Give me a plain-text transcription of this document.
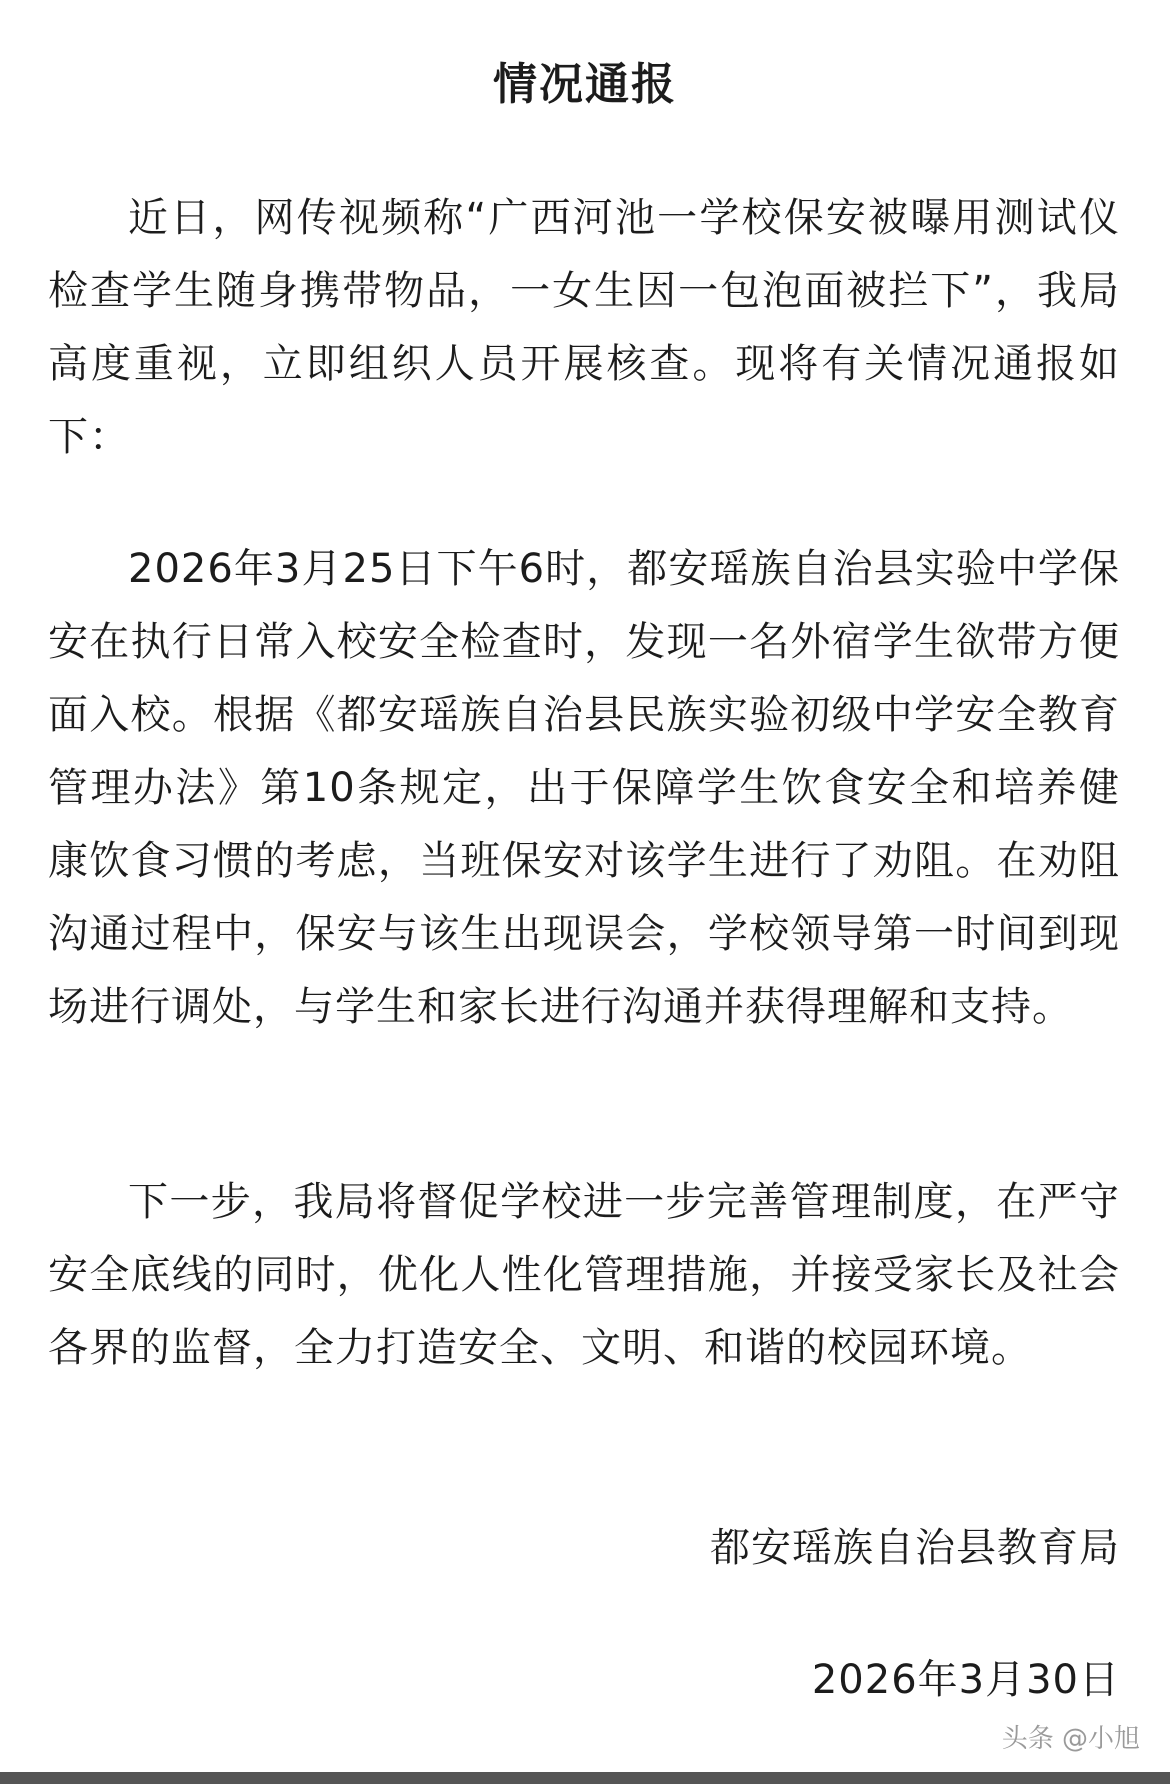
情况通报

近日，网传视频称“广西河池一学校保安被曝用测试仪检查学生随身携带物品，一女生因一包泡面被拦下”，我局高度重视，立即组织人员开展核查。现将有关情况通报如下：

2026年3月25日下午6时，都安瑶族自治县实验中学保安在执行日常入校安全检查时，发现一名外宿学生欲带方便面入校。根据《都安瑶族自治县民族实验初级中学安全教育管理办法》第10条规定，出于保障学生饮食安全和培养健康饮食习惯的考虑，当班保安对该学生进行了劝阻。在劝阻沟通过程中，保安与该生出现误会，学校领导第一时间到现场进行调处，与学生和家长进行沟通并获得理解和支持。

下一步，我局将督促学校进一步完善管理制度，在严守安全底线的同时，优化人性化管理措施，并接受家长及社会各界的监督，全力打造安全、文明、和谐的校园环境。

都安瑶族自治县教育局
2026年3月30日
头条 @小旭
